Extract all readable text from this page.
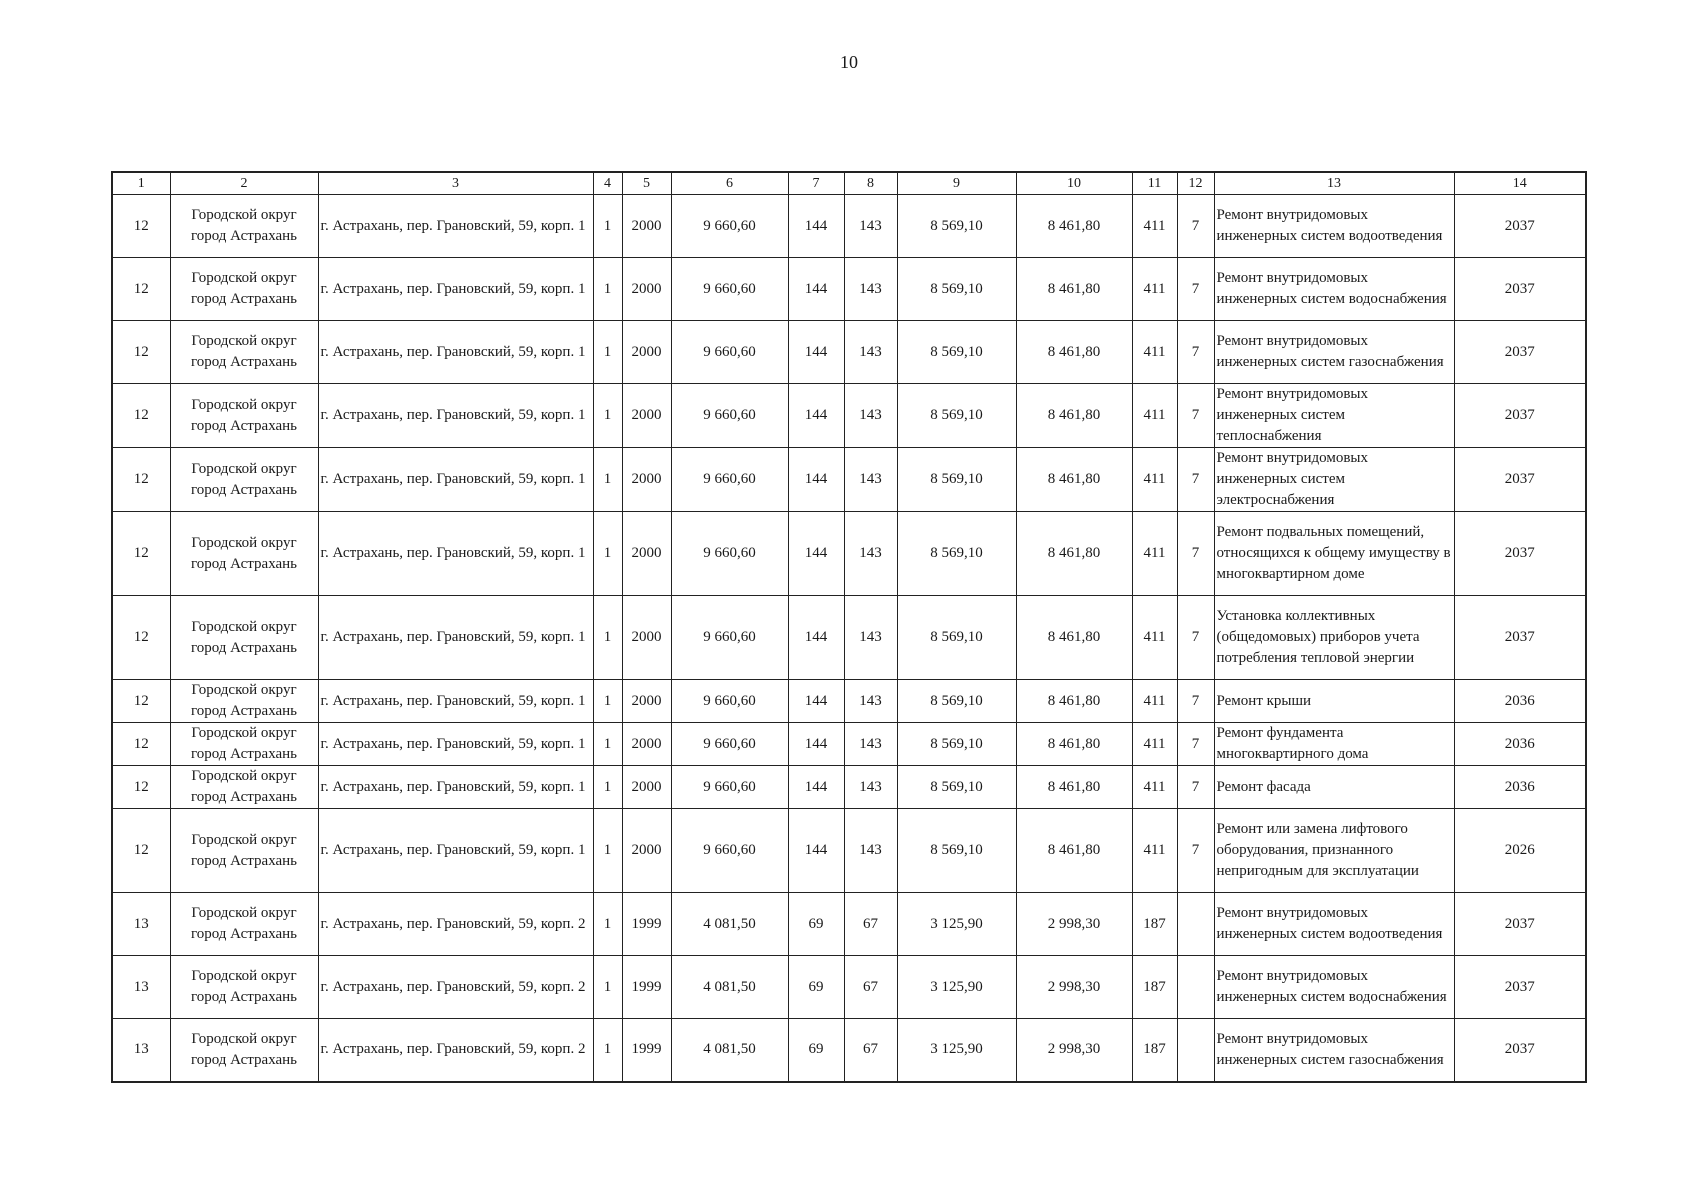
10
1	2	3	4	5	6	7	8	9	10	11	12	13	14
12	Городской округ город Астрахань	г. Астрахань, пер. Грановский, 59, корп. 1	1	2000	9 660,60	144	143	8 569,10	8 461,80	411	7	Ремонт внутридомовых инженерных систем водоотведения	2037
12	Городской округ город Астрахань	г. Астрахань, пер. Грановский, 59, корп. 1	1	2000	9 660,60	144	143	8 569,10	8 461,80	411	7	Ремонт внутридомовых инженерных систем водоснабжения	2037
12	Городской округ город Астрахань	г. Астрахань, пер. Грановский, 59, корп. 1	1	2000	9 660,60	144	143	8 569,10	8 461,80	411	7	Ремонт внутридомовых инженерных систем газоснабжения	2037
12	Городской округ город Астрахань	г. Астрахань, пер. Грановский, 59, корп. 1	1	2000	9 660,60	144	143	8 569,10	8 461,80	411	7	Ремонт внутридомовых инженерных систем теплоснабжения	2037
12	Городской округ город Астрахань	г. Астрахань, пер. Грановский, 59, корп. 1	1	2000	9 660,60	144	143	8 569,10	8 461,80	411	7	Ремонт внутридомовых инженерных систем электроснабжения	2037
12	Городской округ город Астрахань	г. Астрахань, пер. Грановский, 59, корп. 1	1	2000	9 660,60	144	143	8 569,10	8 461,80	411	7	Ремонт подвальных помещений, относящихся к общему имуществу в многоквартирном доме	2037
12	Городской округ город Астрахань	г. Астрахань, пер. Грановский, 59, корп. 1	1	2000	9 660,60	144	143	8 569,10	8 461,80	411	7	Установка коллективных (общедомовых) приборов учета потребления тепловой энергии	2037
12	Городской округ город Астрахань	г. Астрахань, пер. Грановский, 59, корп. 1	1	2000	9 660,60	144	143	8 569,10	8 461,80	411	7	Ремонт крыши	2036
12	Городской округ город Астрахань	г. Астрахань, пер. Грановский, 59, корп. 1	1	2000	9 660,60	144	143	8 569,10	8 461,80	411	7	Ремонт фундамента многоквартирного дома	2036
12	Городской округ город Астрахань	г. Астрахань, пер. Грановский, 59, корп. 1	1	2000	9 660,60	144	143	8 569,10	8 461,80	411	7	Ремонт фасада	2036
12	Городской округ город Астрахань	г. Астрахань, пер. Грановский, 59, корп. 1	1	2000	9 660,60	144	143	8 569,10	8 461,80	411	7	Ремонт или замена лифтового оборудования, признанного непригодным для эксплуатации	2026
13	Городской округ город Астрахань	г. Астрахань, пер. Грановский, 59, корп. 2	1	1999	4 081,50	69	67	3 125,90	2 998,30	187		Ремонт внутридомовых инженерных систем водоотведения	2037
13	Городской округ город Астрахань	г. Астрахань, пер. Грановский, 59, корп. 2	1	1999	4 081,50	69	67	3 125,90	2 998,30	187		Ремонт внутридомовых инженерных систем водоснабжения	2037
13	Городской округ город Астрахань	г. Астрахань, пер. Грановский, 59, корп. 2	1	1999	4 081,50	69	67	3 125,90	2 998,30	187		Ремонт внутридомовых инженерных систем газоснабжения	2037
